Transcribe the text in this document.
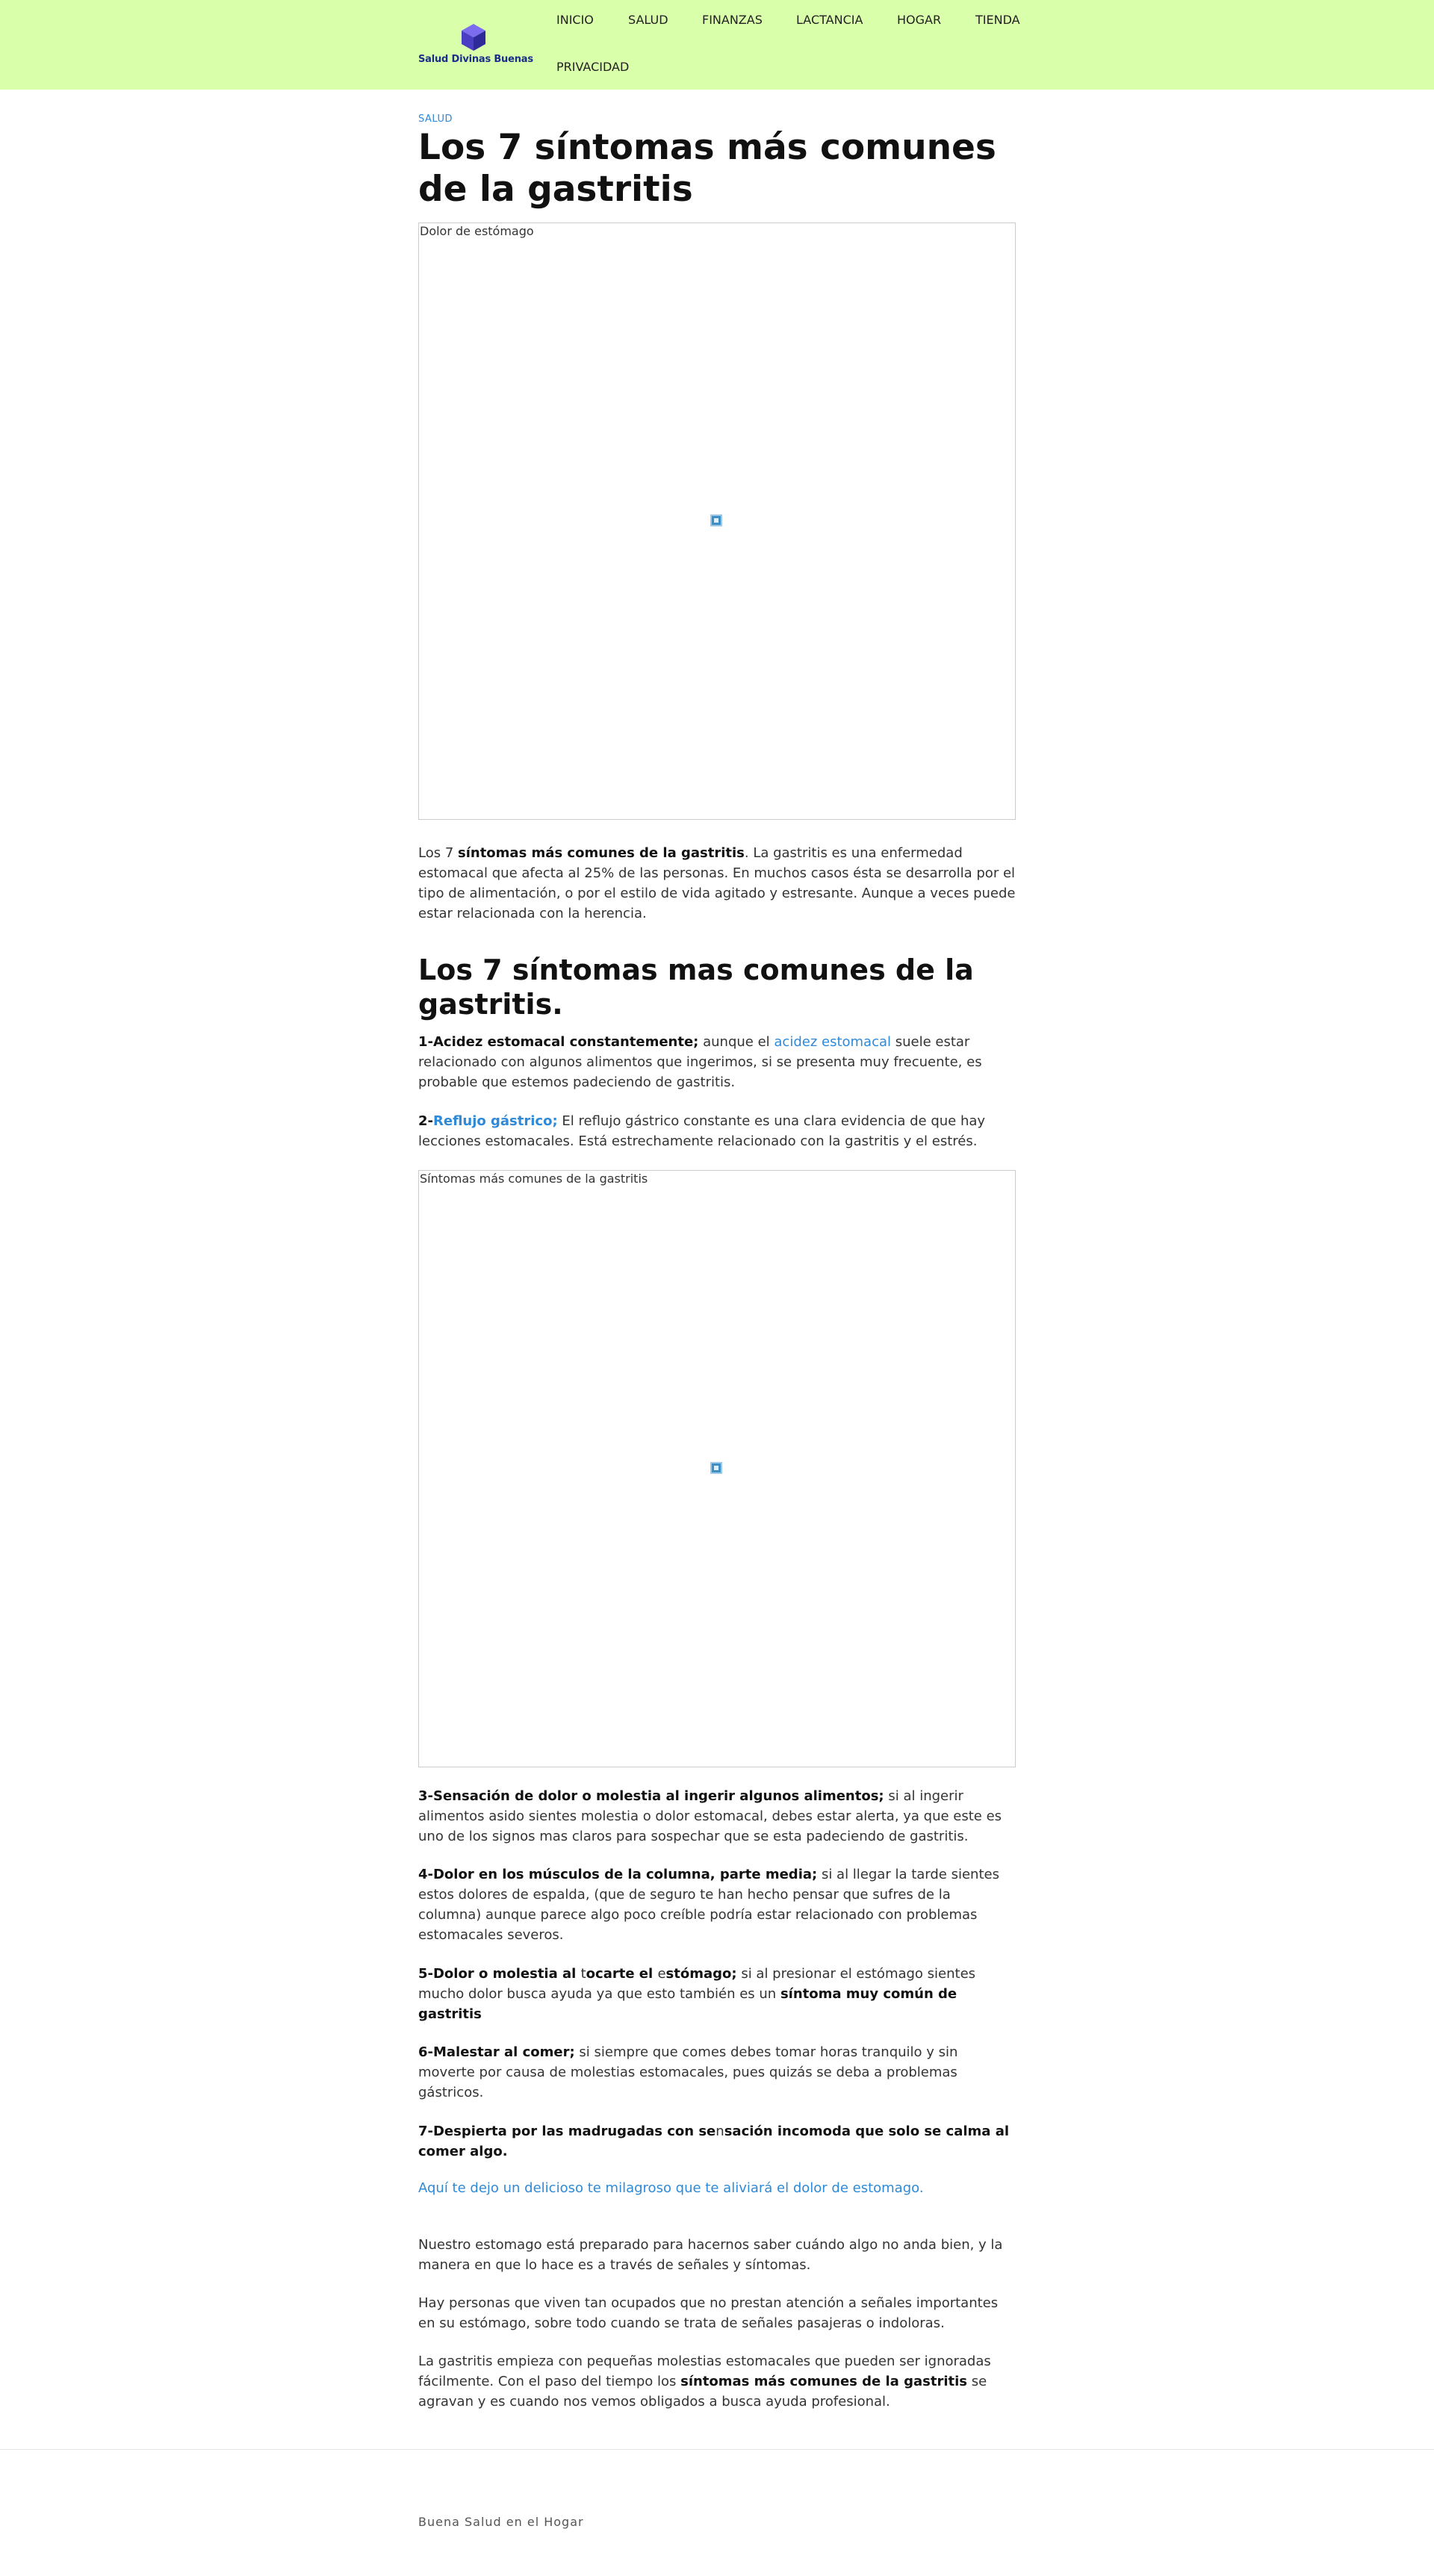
Salud Divinas Buenas
INICIO	SALUD	FINANZAS	LACTANCIA	HOGAR	TIENDA
PRIVACIDAD
SALUD
Los 7 síntomas más comunes de la gastritis
Dolor de estómago

Los 7 síntomas más comunes de la gastritis. La gastritis es una enfermedad estomacal que afecta al 25% de las personas. En muchos casos ésta se desarrolla por el tipo de alimentación, o por el estilo de vida agitado y estresante. Aunque a veces puede estar relacionada con la herencia.

Los 7 síntomas mas comunes de la gastritis.

1-Acidez estomacal constantemente; aunque el acidez estomacal suele estar relacionado con algunos alimentos que ingerimos, si se presenta muy frecuente, es probable que estemos padeciendo de gastritis.

2-Reflujo gástrico; El reflujo gástrico constante es una clara evidencia de que hay lecciones estomacales. Está estrechamente relacionado con la gastritis y el estrés.

Síntomas más comunes de la gastritis

3-Sensación de dolor o molestia al ingerir algunos alimentos; si al ingerir alimentos asido sientes molestia o dolor estomacal, debes estar alerta, ya que este es uno de los signos mas claros para sospechar que se esta padeciendo de gastritis.

4-Dolor en los músculos de la columna, parte media; si al llegar la tarde sientes estos dolores de espalda, (que de seguro te han hecho pensar que sufres de la columna) aunque parece algo poco creíble podría estar relacionado con problemas estomacales severos.

5-Dolor o molestia al tocarte el estómago; si al presionar el estómago sientes mucho dolor busca ayuda ya que esto también es un síntoma muy común de gastritis

6-Malestar al comer; si siempre que comes debes tomar horas tranquilo y sin moverte por causa de molestias estomacales, pues quizás se deba a problemas gástricos.

7-Despierta por las madrugadas con sensación incomoda que solo se calma al comer algo.

Aquí te dejo un delicioso te milagroso que te aliviará el dolor de estomago.

Nuestro estomago está preparado para hacernos saber cuándo algo no anda bien, y la manera en que lo hace es a través de señales y síntomas.

Hay personas que viven tan ocupados que no prestan atención a señales importantes en su estómago, sobre todo cuando se trata de señales pasajeras o indoloras.

La gastritis empieza con pequeñas molestias estomacales que pueden ser ignoradas fácilmente. Con el paso del tiempo los síntomas más comunes de la gastritis se agravan y es cuando nos vemos obligados a busca ayuda profesional.

Buena Salud en el Hogar
